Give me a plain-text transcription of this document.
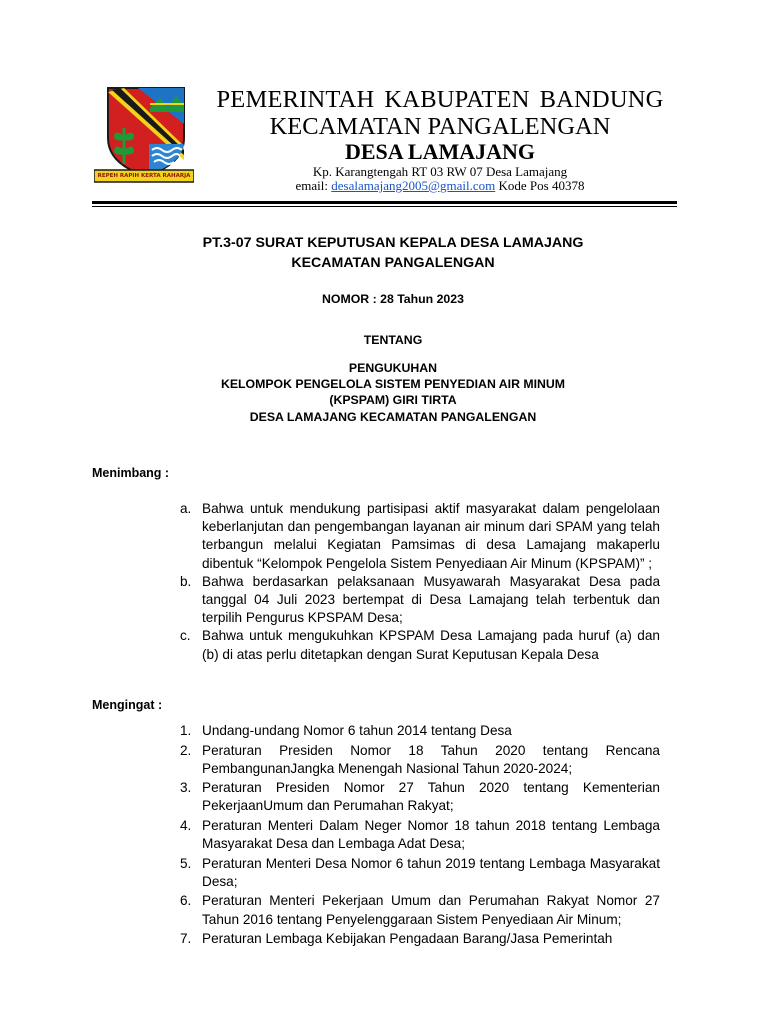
REPEH RAPIH KERTA RAHARJA
PEMERINTAH KABUPATEN BANDUNG
KECAMATAN PANGALENGAN
DESA LAMAJANG
Kp. Karangtengah RT 03 RW 07 Desa Lamajang
email: desalamajang2005@gmail.com Kode Pos 40378
PT.3-07 SURAT KEPUTUSAN KEPALA DESA LAMAJANG
KECAMATAN PANGALENGAN
NOMOR : 28 Tahun 2023
TENTANG
PENGUKUHAN
KELOMPOK PENGELOLA SISTEM PENYEDIAN AIR MINUM
(KPSPAM) GIRI TIRTA
DESA LAMAJANG KECAMATAN PANGALENGAN
Menimbang :
a. Bahwa untuk mendukung partisipasi aktif masyarakat dalam pengelolaan keberlanjutan dan pengembangan layanan air minum dari SPAM yang telah terbangun melalui Kegiatan Pamsimas di desa Lamajang makaperlu dibentuk “Kelompok Pengelola Sistem Penyediaan Air Minum (KPSPAM)” ;
b. Bahwa berdasarkan pelaksanaan Musyawarah Masyarakat Desa pada tanggal 04 Juli 2023 bertempat di Desa Lamajang telah terbentuk dan terpilih Pengurus KPSPAM Desa;
c. Bahwa untuk mengukuhkan KPSPAM Desa Lamajang pada huruf (a) dan (b) di atas perlu ditetapkan dengan Surat Keputusan Kepala Desa
Mengingat :
1. Undang-undang Nomor 6 tahun 2014 tentang Desa
2. Peraturan Presiden Nomor 18 Tahun 2020 tentang Rencana PembangunanJangka Menengah Nasional Tahun 2020-2024;
3. Peraturan Presiden Nomor 27 Tahun 2020 tentang Kementerian PekerjaanUmum dan Perumahan Rakyat;
4. Peraturan Menteri Dalam Neger Nomor 18 tahun 2018 tentang Lembaga Masyarakat Desa dan Lembaga Adat Desa;
5. Peraturan Menteri Desa Nomor 6 tahun 2019 tentang Lembaga Masyarakat Desa;
6. Peraturan Menteri Pekerjaan Umum dan Perumahan Rakyat Nomor 27 Tahun 2016 tentang Penyelenggaraan Sistem Penyediaan Air Minum;
7. Peraturan Lembaga Kebijakan Pengadaan Barang/Jasa Pemerintah
